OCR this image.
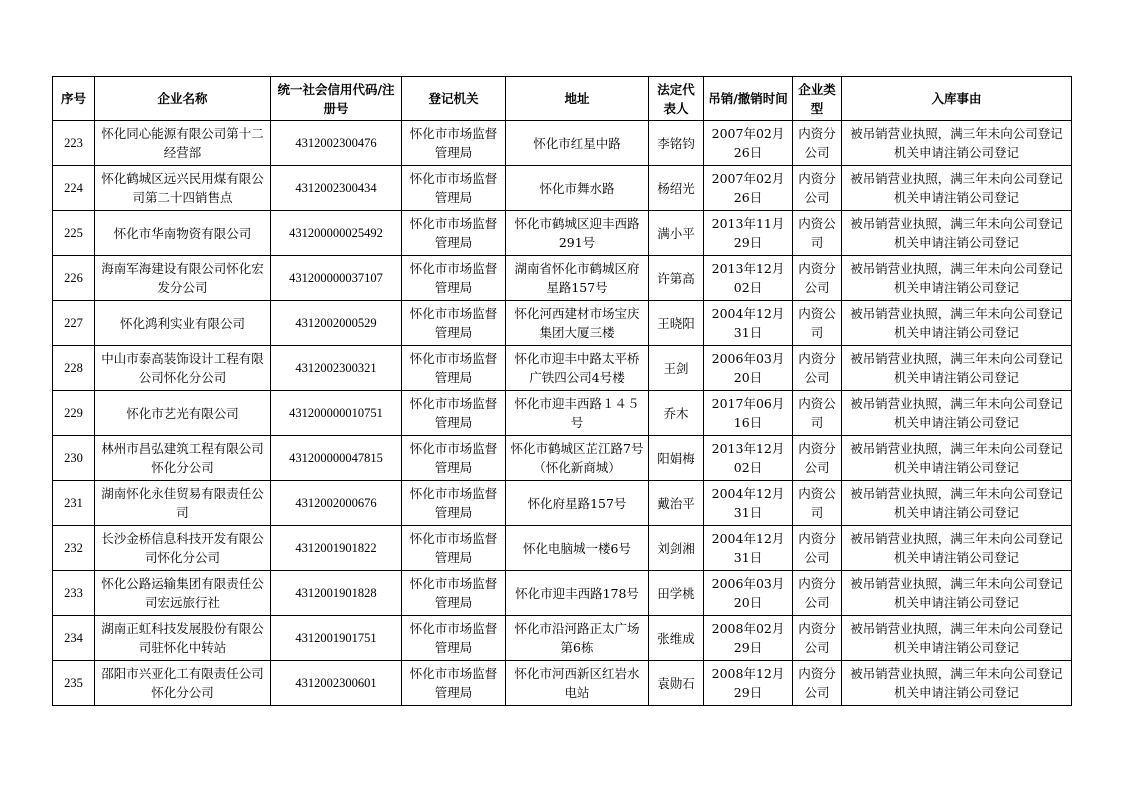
序号	企业名称	统一社会信用代码/注册号	登记机关	地址	法定代表人	吊销/撤销时间	企业类型	入库事由
223	怀化同心能源有限公司第十二经营部	4312002300476	怀化市市场监督管理局	怀化市红星中路	李铭钧	2007年02月26日	内资分公司	被吊销营业执照，满三年未向公司登记机关申请注销公司登记
224	怀化鹤城区远兴民用煤有限公司第二十四销售点	4312002300434	怀化市市场监督管理局	怀化市舞水路	杨绍光	2007年02月26日	内资分公司	被吊销营业执照，满三年未向公司登记机关申请注销公司登记
225	怀化市华南物资有限公司	431200000025492	怀化市市场监督管理局	怀化市鹤城区迎丰西路291号	满小平	2013年11月29日	内资公司	被吊销营业执照，满三年未向公司登记机关申请注销公司登记
226	海南军海建设有限公司怀化宏发分公司	431200000037107	怀化市市场监督管理局	湖南省怀化市鹤城区府星路157号	许第高	2013年12月02日	内资分公司	被吊销营业执照，满三年未向公司登记机关申请注销公司登记
227	怀化鸿利实业有限公司	4312002000529	怀化市市场监督管理局	怀化河西建材市场宝庆集团大厦三楼	王晓阳	2004年12月31日	内资公司	被吊销营业执照，满三年未向公司登记机关申请注销公司登记
228	中山市泰高装饰设计工程有限公司怀化分公司	4312002300321	怀化市市场监督管理局	怀化市迎丰中路太平桥广铁四公司4号楼	王剑	2006年03月20日	内资分公司	被吊销营业执照，满三年未向公司登记机关申请注销公司登记
229	怀化市艺光有限公司	431200000010751	怀化市市场监督管理局	怀化市迎丰西路１４５号	乔木	2017年06月16日	内资公司	被吊销营业执照，满三年未向公司登记机关申请注销公司登记
230	林州市昌弘建筑工程有限公司怀化分公司	431200000047815	怀化市市场监督管理局	怀化市鹤城区芷江路7号（怀化新商城）	阳娟梅	2013年12月02日	内资分公司	被吊销营业执照，满三年未向公司登记机关申请注销公司登记
231	湖南怀化永佳贸易有限责任公司	4312002000676	怀化市市场监督管理局	怀化府星路157号	戴治平	2004年12月31日	内资公司	被吊销营业执照，满三年未向公司登记机关申请注销公司登记
232	长沙金桥信息科技开发有限公司怀化分公司	4312001901822	怀化市市场监督管理局	怀化电脑城一楼6号	刘剑湘	2004年12月31日	内资分公司	被吊销营业执照，满三年未向公司登记机关申请注销公司登记
233	怀化公路运输集团有限责任公司宏远旅行社	4312001901828	怀化市市场监督管理局	怀化市迎丰西路178号	田学桃	2006年03月20日	内资分公司	被吊销营业执照，满三年未向公司登记机关申请注销公司登记
234	湖南正虹科技发展股份有限公司驻怀化中转站	4312001901751	怀化市市场监督管理局	怀化市沿河路正太广场第6栋	张维成	2008年02月29日	内资分公司	被吊销营业执照，满三年未向公司登记机关申请注销公司登记
235	邵阳市兴亚化工有限责任公司怀化分公司	4312002300601	怀化市市场监督管理局	怀化市河西新区红岩水电站	袁勋石	2008年12月29日	内资分公司	被吊销营业执照，满三年未向公司登记机关申请注销公司登记
